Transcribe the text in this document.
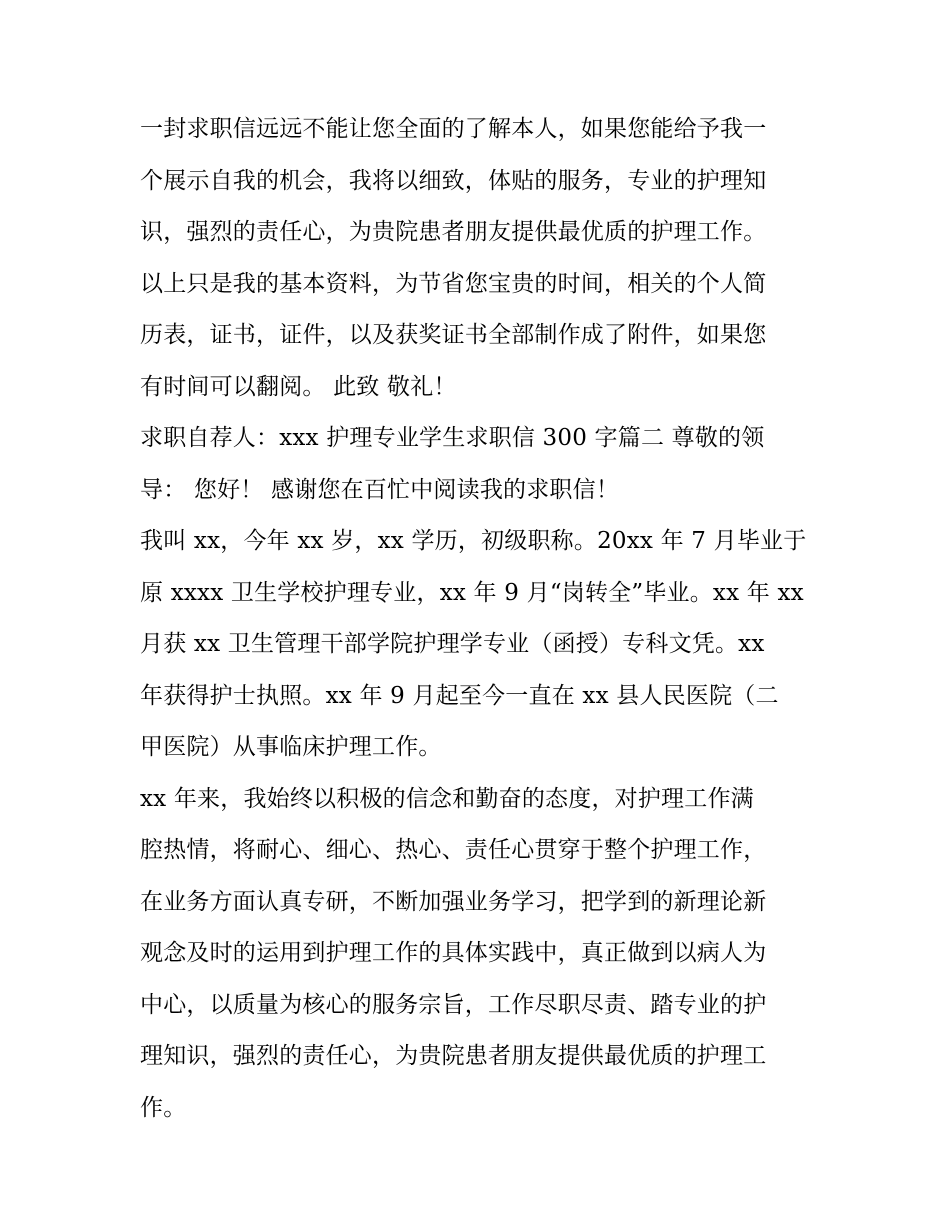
一封求职信远远不能让您全面的了解本人，如果您能给予我一
个展示自我的机会，我将以细致，体贴的服务，专业的护理知
识，强烈的责任心，为贵院患者朋友提供最优质的护理工作。
以上只是我的基本资料，为节省您宝贵的时间，相关的个人简
历表，证书，证件，以及获奖证书全部制作成了附件，如果您
有时间可以翻阅。 此致 敬礼！
求职自荐人：xxx 护理专业学生求职信 300 字篇二 尊敬的领
导： 您好！ 感谢您在百忙中阅读我的求职信！
我叫 xx，今年 xx 岁，xx 学历，初级职称。20xx 年 7 月毕业于
原 xxxx 卫生学校护理专业，xx 年 9 月“岗转全”毕业。xx 年 xx
月获 xx 卫生管理干部学院护理学专业（函授）专科文凭。xx
年获得护士执照。xx 年 9 月起至今一直在 xx 县人民医院（二
甲医院）从事临床护理工作。
xx 年来，我始终以积极的信念和勤奋的态度，对护理工作满
腔热情，将耐心、细心、热心、责任心贯穿于整个护理工作，
在业务方面认真专研，不断加强业务学习，把学到的新理论新
观念及时的运用到护理工作的具体实践中，真正做到以病人为
中心，以质量为核心的服务宗旨，工作尽职尽责、踏专业的护
理知识，强烈的责任心，为贵院患者朋友提供最优质的护理工
作。
